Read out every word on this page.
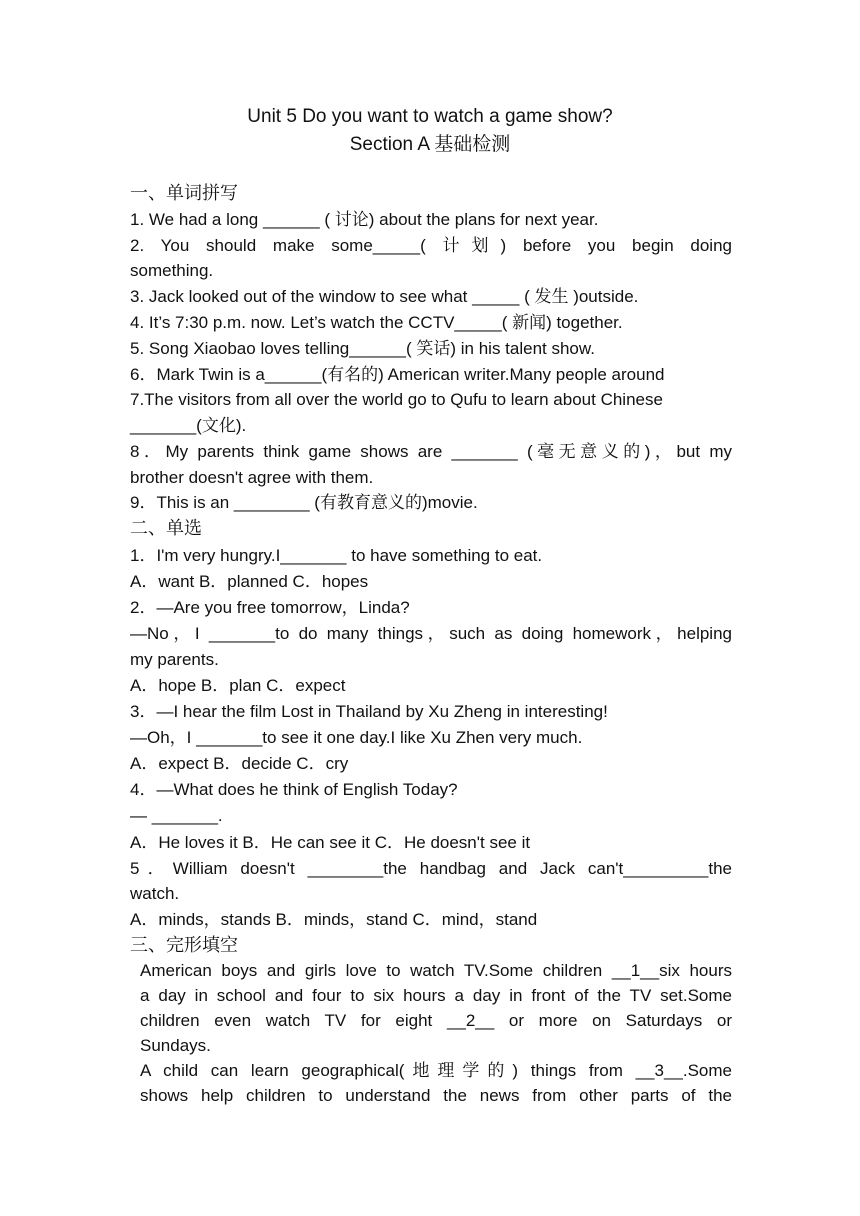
Unit 5 Do you want to watch a game show?
Section A 基础检测
一、单词拼写
1. We had a long ______ ( 讨论) about the plans for next year.
2. You should make some_____( 计划) before you begin doing
something.
3. Jack looked out of the window to see what _____ ( 发生 )outside.
4. It’s 7:30 p.m. now. Let’s watch the CCTV_____( 新闻) together.
5. Song Xiaobao loves telling______( 笑话) in his talent show.
6．Mark Twin is a______(有名的) American writer.Many people around
7.The visitors from all over the world go to Qufu to learn about Chinese
_______(文化).
8．My parents think game shows are _______ (毫无意义的)，but my
brother doesn't agree with them.
9．This is an ________ (有教育意义的)movie.
二、单选
1．I'm very hungry.I_______ to have something to eat.
A．want B．planned C．hopes
2．—Are you free tomorrow，Linda?
—No，I _______to do many things，such as doing homework，helping
my parents.
A．hope B．plan C．expect
3．—I hear the film Lost in Thailand by Xu Zheng in interesting!
—Oh，I _______to see it one day.I like Xu Zhen very much.
A．expect B．decide C．cry
4．—What does he think of English Today?
— _______.
A．He loves it B．He can see it C．He doesn't see it
5．William doesn't ________the handbag and Jack can't_________the
watch.
A．minds，stands B．minds，stand C．mind，stand
三、完形填空
American boys and girls love to watch TV.Some children __1__six hours
a day in school and four to six hours a day in front of the TV set.Some
children even watch TV for eight __2__ or more on Saturdays or
Sundays.
A child can learn geographical(地理学的) things from __3__.Some
shows help children to understand the news from other parts of the
